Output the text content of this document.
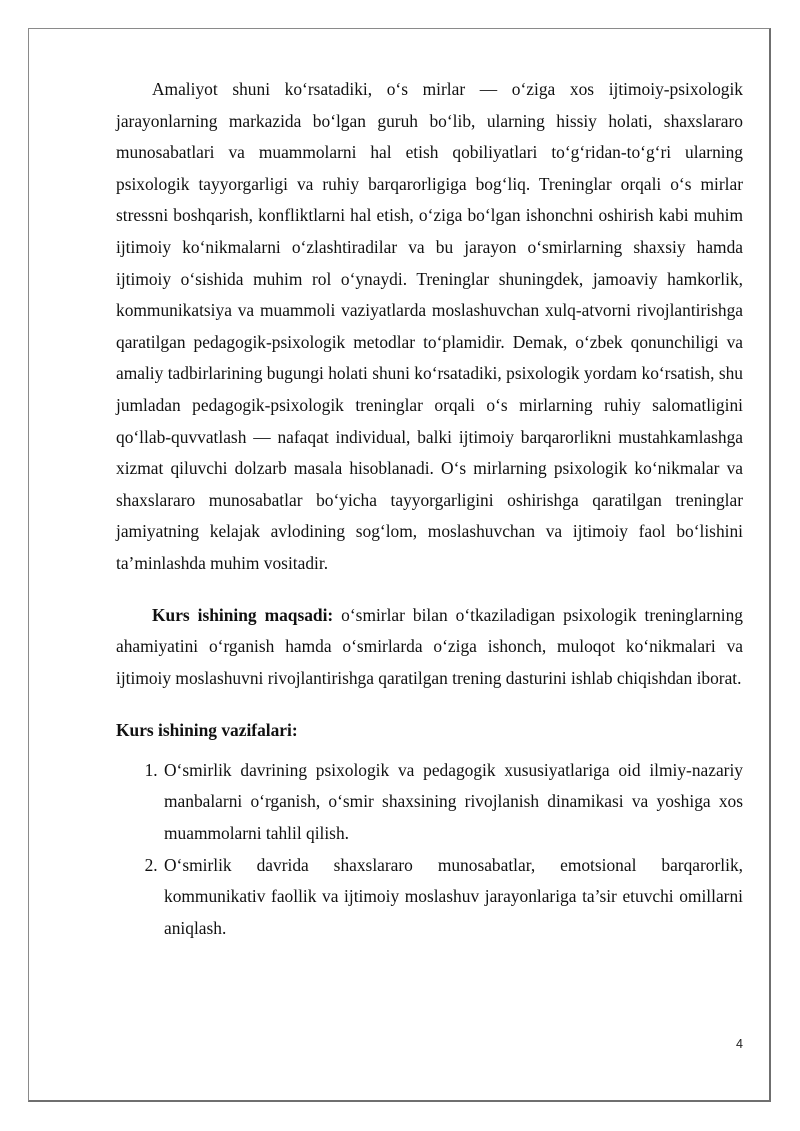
Amaliyot shuni ko‘rsatadiki, o‘s mirlar — o‘ziga xos ijtimoiy-psixologik jarayonlarning markazida bo‘lgan guruh bo‘lib, ularning hissiy holati, shaxslararo munosabatlari va muammolarni hal etish qobiliyatlari to‘g‘ridan-to‘g‘ri ularning psixologik tayyorgarligi va ruhiy barqarorligiga bog‘liq. Treninglar orqali o‘s mirlar stressni boshqarish, konfliktlarni hal etish, o‘ziga bo‘lgan ishonchni oshirish kabi muhim ijtimoiy ko‘nikmalarni o‘zlashtiradilar va bu jarayon o‘smirlarning shaxsiy hamda ijtimoiy o‘sishida muhim rol o‘ynaydi. Treninglar shuningdek, jamoaviy hamkorlik, kommunikatsiya va muammoli vaziyatlarda moslashuvchan xulq-atvorni rivojlantirishga qaratilgan pedagogik-psixologik metodlar to‘plamidir. Demak, o‘zbek qonunchiligi va amaliy tadbirlarining bugungi holati shuni ko‘rsatadiki, psixologik yordam ko‘rsatish, shu jumladan pedagogik-psixologik treninglar orqali o‘s mirlarning ruhiy salomatligini qo‘llab-quvvatlash — nafaqat individual, balki ijtimoiy barqarorlikni mustahkamlashga xizmat qiluvchi dolzarb masala hisoblanadi. O‘s mirlarning psixologik ko‘nikmalar va shaxslararo munosabatlar bo‘yicha tayyorgarligini oshirishga qaratilgan treninglar jamiyatning kelajak avlodining sog‘lom, moslashuvchan va ijtimoiy faol bo‘lishini ta’minlashda muhim vositadir.

Kurs ishining maqsadi: o‘smirlar bilan o‘tkaziladigan psixologik treninglarning ahamiyatini o‘rganish hamda o‘smirlarda o‘ziga ishonch, muloqot ko‘nikmalari va ijtimoiy moslashuvni rivojlantirishga qaratilgan trening dasturini ishlab chiqishdan iborat.

Kurs ishining vazifalari:

1. O‘smirlik davrining psixologik va pedagogik xususiyatlariga oid ilmiy-nazariy manbalarni o‘rganish, o‘smir shaxsining rivojlanish dinamikasi va yoshiga xos muammolarni tahlil qilish.
2. O‘smirlik davrida shaxslararo munosabatlar, emotsional barqarorlik, kommunikativ faollik va ijtimoiy moslashuv jarayonlariga ta’sir etuvchi omillarni aniqlash.
4
